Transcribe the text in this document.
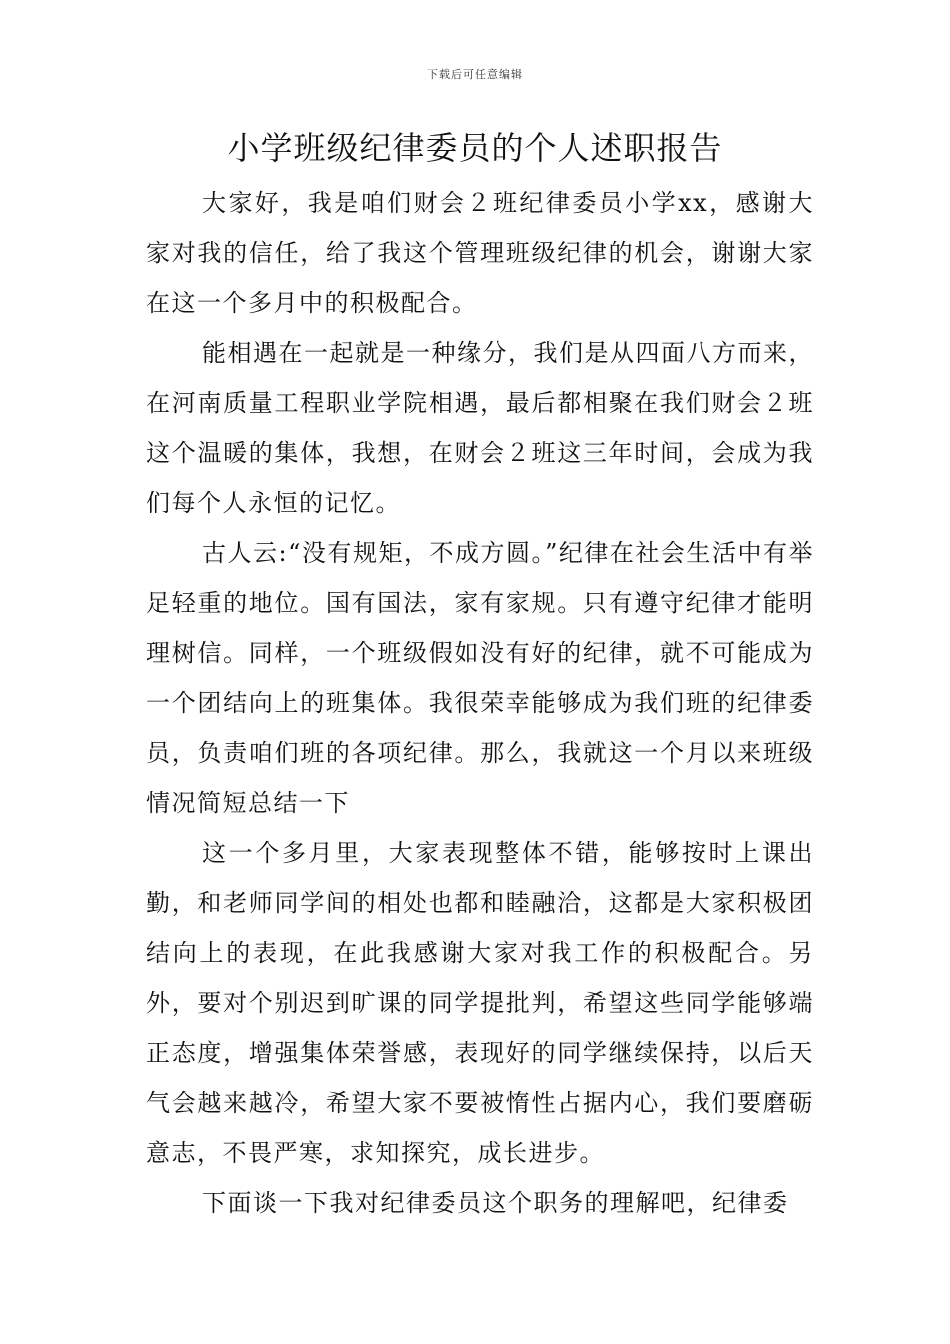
下载后可任意编辑
小学班级纪律委员的个人述职报告

大家好，我是咱们财会２班纪律委员小学xx，感谢大家对我的信任，给了我这个管理班级纪律的机会，谢谢大家在这一个多月中的积极配合。

能相遇在一起就是一种缘分，我们是从四面八方而来，在河南质量工程职业学院相遇，最后都相聚在我们财会２班这个温暖的集体，我想，在财会２班这三年时间，会成为我们每个人永恒的记忆。

古人云:“没有规矩，不成方圆。”纪律在社会生活中有举足轻重的地位。国有国法，家有家规。只有遵守纪律才能明理树信。同样，一个班级假如没有好的纪律，就不可能成为一个团结向上的班集体。我很荣幸能够成为我们班的纪律委员，负责咱们班的各项纪律。那么，我就这一个月以来班级情况简短总结一下

这一个多月里，大家表现整体不错，能够按时上课出勤，和老师同学间的相处也都和睦融洽，这都是大家积极团结向上的表现，在此我感谢大家对我工作的积极配合。另外，要对个别迟到旷课的同学提批判，希望这些同学能够端正态度，增强集体荣誉感，表现好的同学继续保持，以后天气会越来越冷，希望大家不要被惰性占据内心，我们要磨砺意志，不畏严寒，求知探究，成长进步。

下面谈一下我对纪律委员这个职务的理解吧，纪律委
